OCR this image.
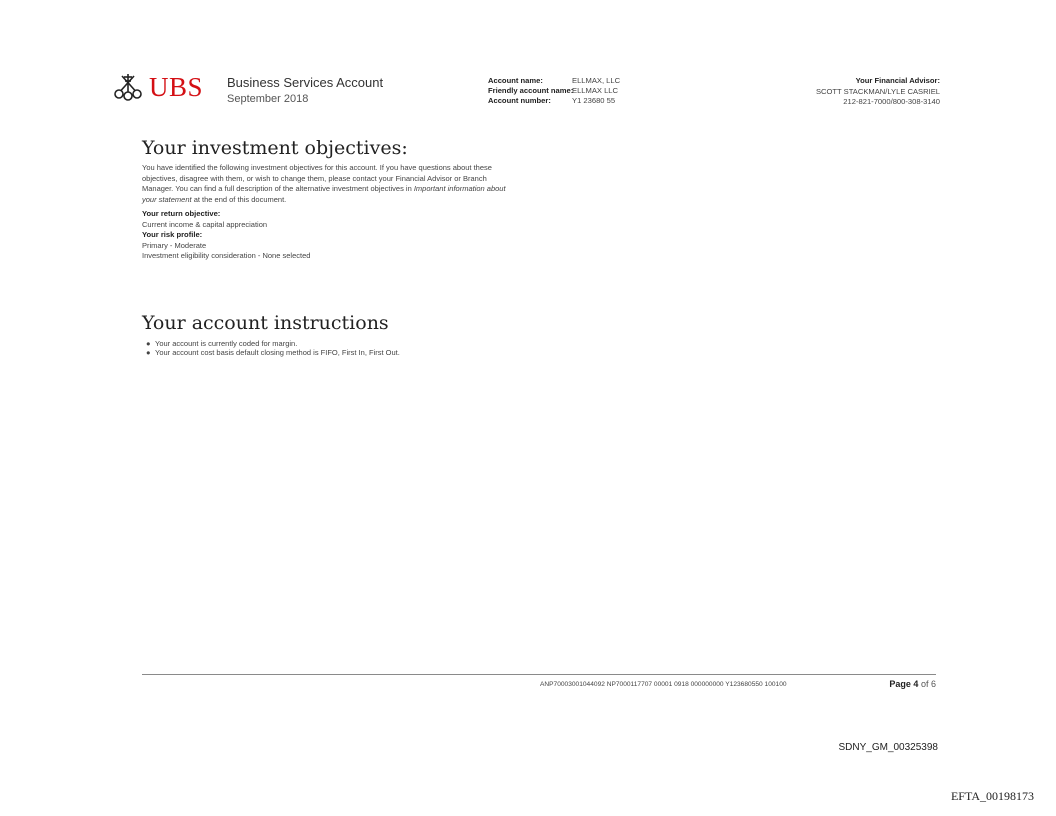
UBS Business Services Account
September 2018
Account name:	ELLMAX, LLC
Friendly account name:
ELLMAX LLC
Account number:	Y1 23680 55
Your Financial Advisor:
SCOTT STACKMAN/LYLE CASRIEL
212-821-7000/800-308-3140
Your investment objectives:
You have identified the following investment objectives for this account. If you have questions about these objectives, disagree with them, or wish to change them, please contact your Financial Advisor or Branch Manager. You can find a full description of the alternative investment objectives in Important information about your statement at the end of this document.
Your return objective:
Current income & capital appreciation
Your risk profile:
Primary - Moderate
Investment eligibility consideration - None selected
Your account instructions
● Your account is currently coded for margin.
● Your account cost basis default closing method is FIFO, First In, First Out.
ANP70003001044092 NP7000117707 00001 0918 000000000 Y123680550 100100	Page 4 of 6
SDNY_GM_00325398
EFTA_00198173
